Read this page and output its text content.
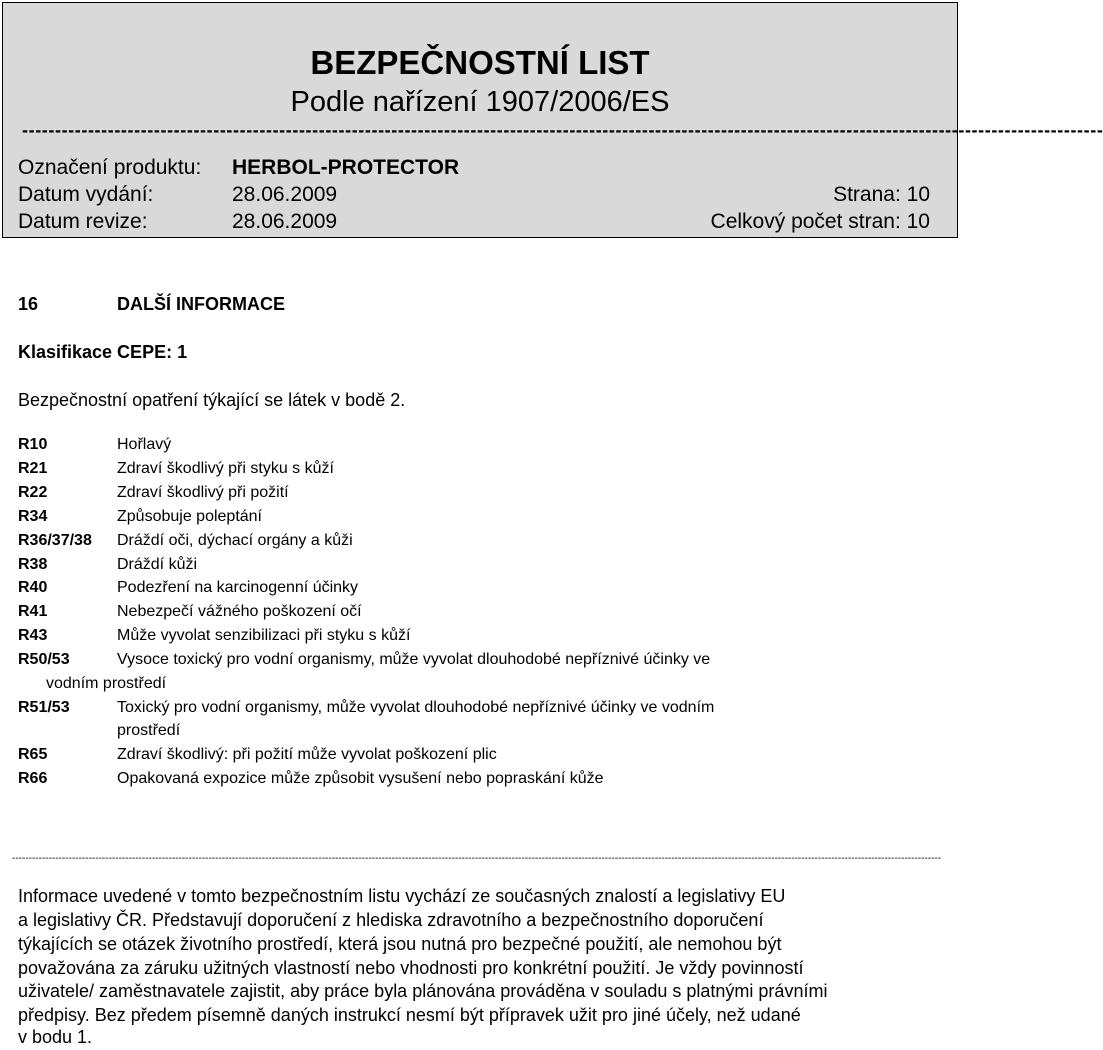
BEZPEČNOSTNÍ LIST
Podle nařízení 1907/2006/ES
--------------------------------------------------------------------------------------------------------------------------------------------------------------------
Označení produktu: HERBOL-PROTECTOR
Datum vydání:	28.06.2009	Strana: 10
Datum revize:	28.06.2009	Celkový počet stran: 10
16	DALŠÍ INFORMACE
Klasifikace CEPE: 1
Bezpečnostní opatření týkající se látek v bodě 2.
R10	Hořlavý
R21	Zdraví škodlivý při styku s kůží
R22	Zdraví škodlivý při požití
R34	Způsobuje poleptání
R36/37/38 Dráždí oči, dýchací orgány a kůži
R38	Dráždí kůži
R40	Podezření na karcinogenní účinky
R41	Nebezpečí vážného poškození očí
R43	Může vyvolat senzibilizaci při styku s kůží
R50/53	Vysoce toxický pro vodní organismy, může vyvolat dlouhodobé nepříznivé účinky ve
vodním prostředí
R51/53	Toxický pro vodní organismy, může vyvolat dlouhodobé nepříznivé účinky ve vodním
prostředí
R65	Zdraví škodlivý: při požití může vyvolat poškození plic
R66	Opakovaná expozice může způsobit vysušení nebo popraskání kůže
---------------------------------------------------------------------------------------------------------------------------------------------------------------------------------------------------------------------------------------------------------------------------------------
Informace uvedené v tomto bezpečnostním listu vychází ze současných znalostí a legislativy EU
a legislativy ČR. Představují doporučení z hlediska zdravotního a bezpečnostního doporučení
týkajících se otázek životního prostředí, která jsou nutná pro bezpečné použití, ale nemohou být
považována za záruku užitných vlastností nebo vhodnosti pro konkrétní použití. Je vždy povinností
uživatele/ zaměstnavatele zajistit, aby práce byla plánována prováděna v souladu s platnými právními
předpisy. Bez předem písemně daných instrukcí nesmí být přípravek užit pro jiné účely, než udané
v bodu 1.
